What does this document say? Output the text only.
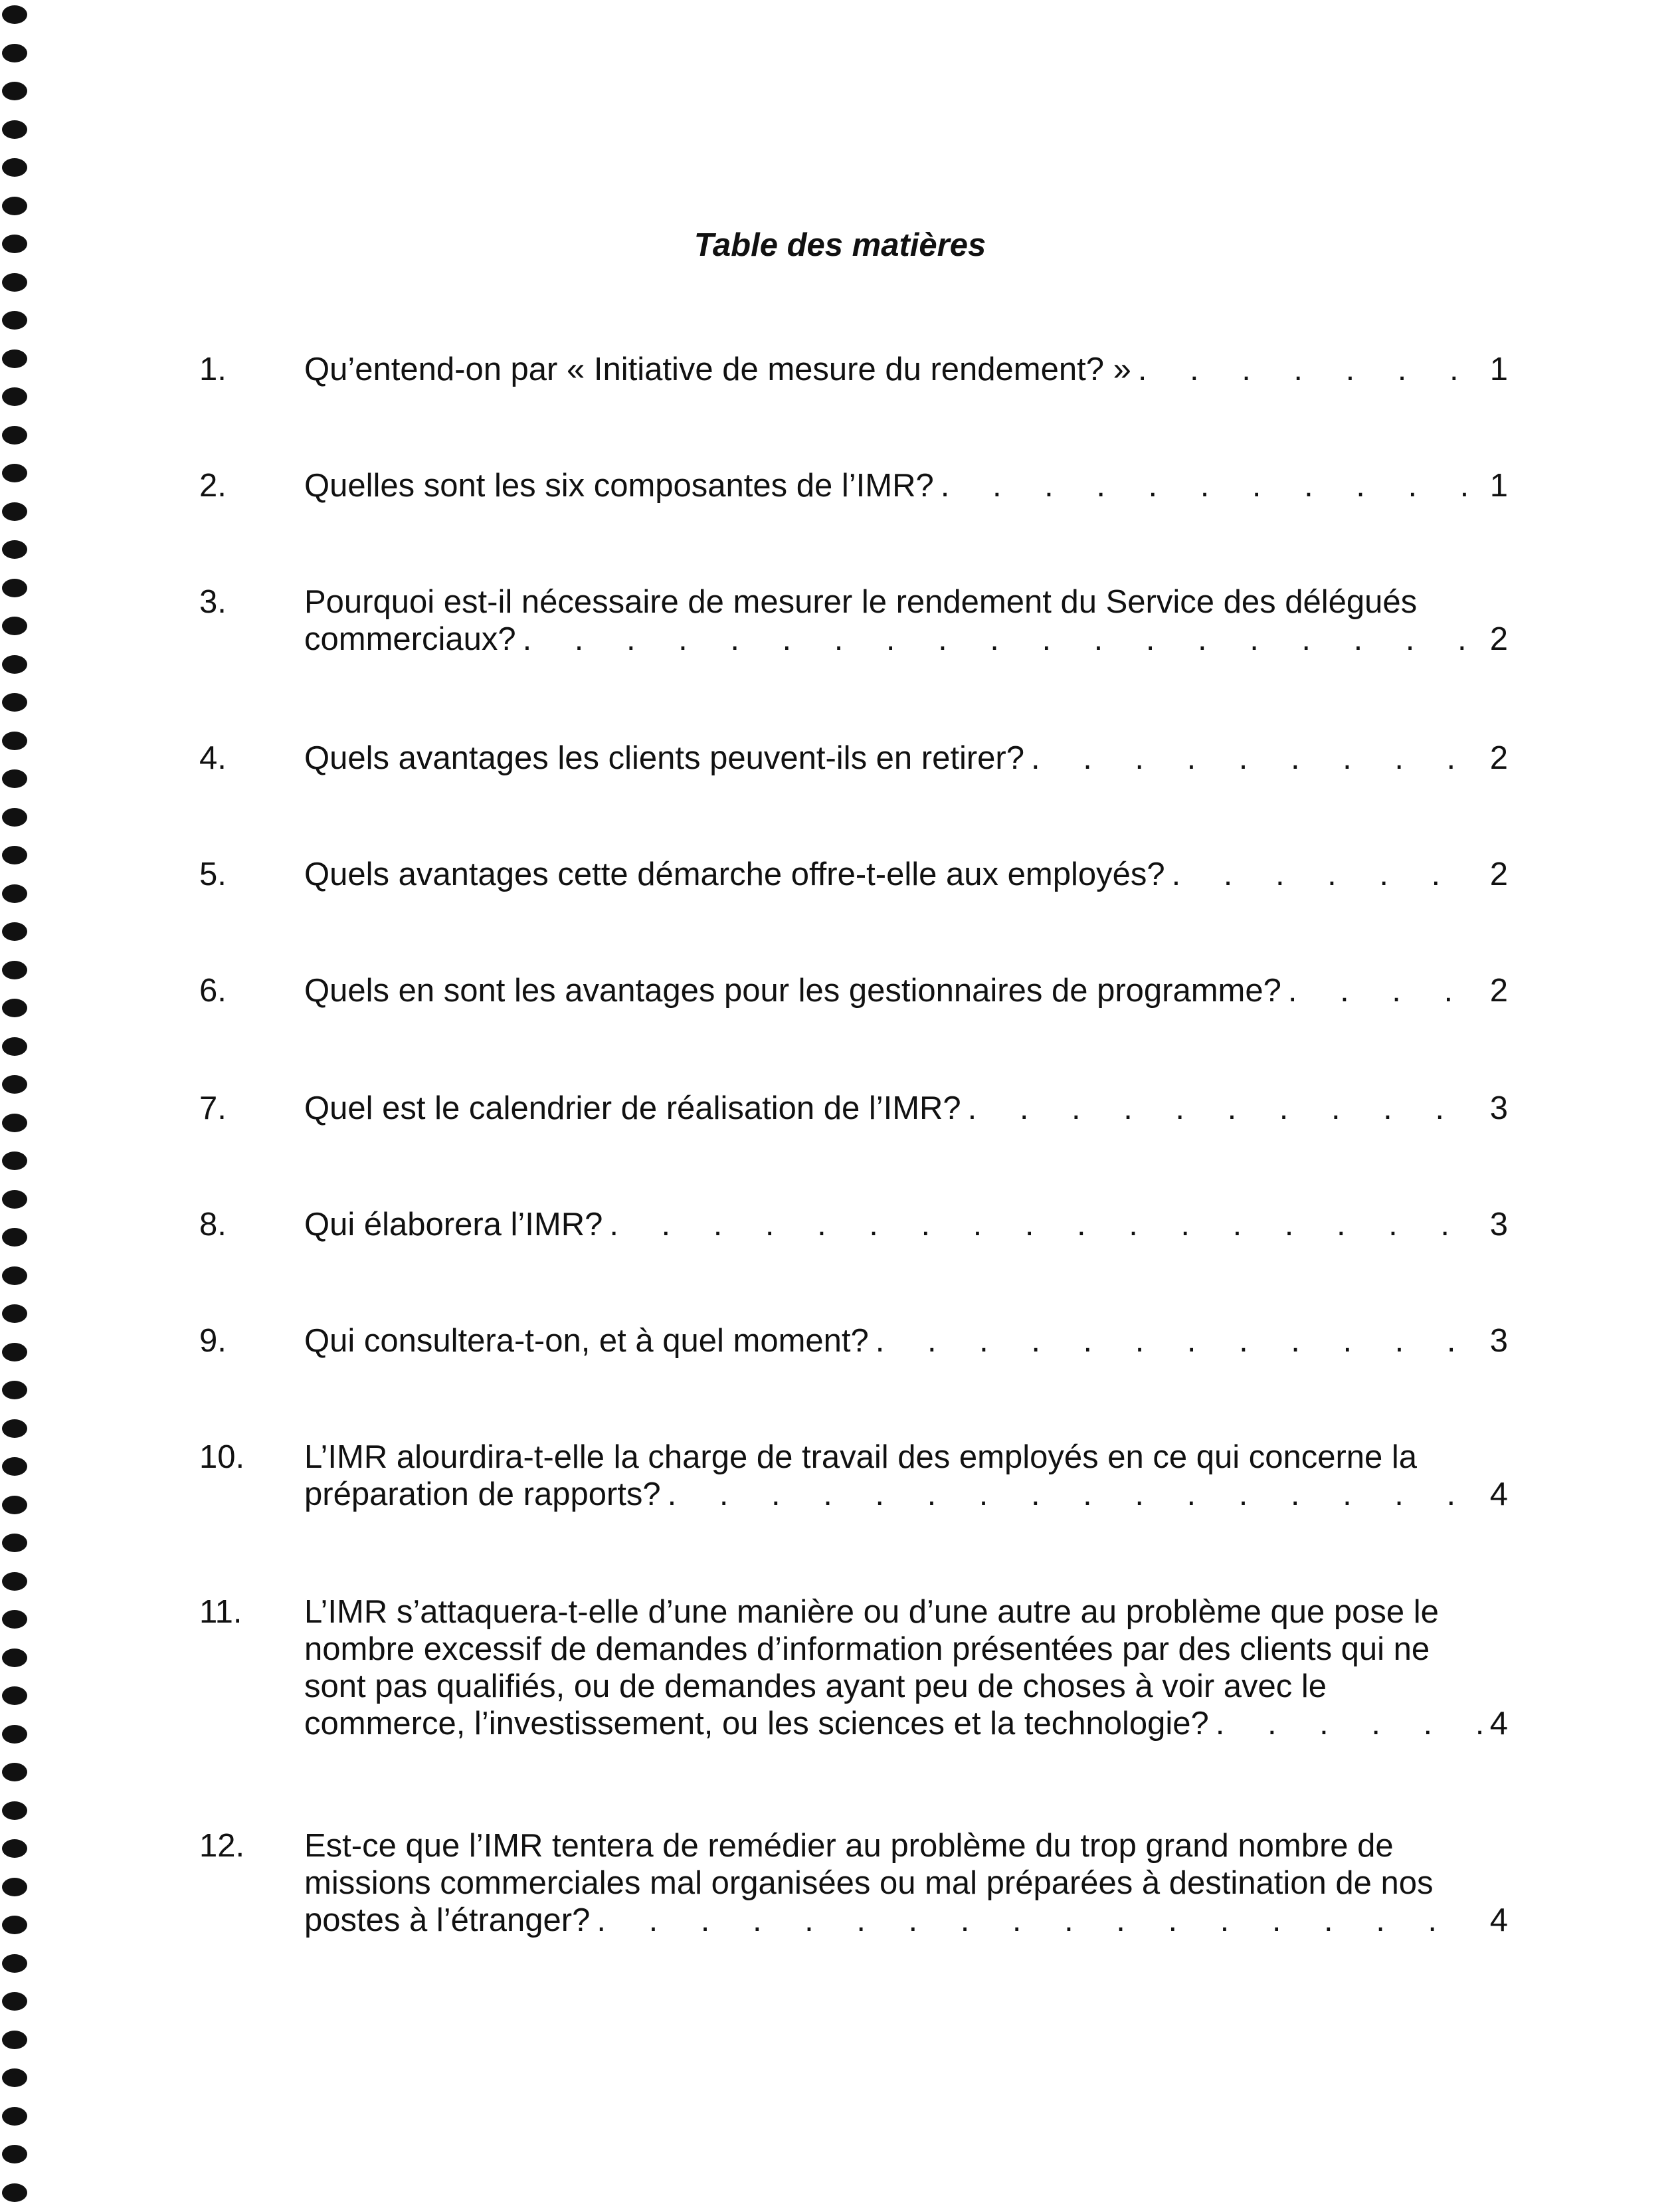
Table des matières
1.	Qu’entend-on par « Initiative de mesure du rendement? » . . .	1
2.	Quelles sont les six composantes de l’IMR? . . .	1
3.	Pourquoi est-il nécessaire de mesurer le rendement du Service des délégués
commerciaux? . . .	2
4.	Quels avantages les clients peuvent-ils en retirer? . . .	2
5.	Quels avantages cette démarche offre-t-elle aux employés? . . .	2
6.	Quels en sont les avantages pour les gestionnaires de programme? . . .	2
7.	Quel est le calendrier de réalisation de l’IMR? . . .	3
8.	Qui élaborera l’IMR? . . .	3
9.	Qui consultera-t-on, et à quel moment? . . .	3
10.	L’IMR alourdira-t-elle la charge de travail des employés en ce qui concerne la
préparation de rapports? . . .	4
11.	L’IMR s’attaquera-t-elle d’une manière ou d’une autre au problème que pose le
nombre excessif de demandes d’information présentées par des clients qui ne
sont pas qualifiés, ou de demandes ayant peu de choses à voir avec le
commerce, l’investissement, ou les sciences et la technologie? . . .	4
12.	Est-ce que l’IMR tentera de remédier au problème du trop grand nombre de
missions commerciales mal organisées ou mal préparées à destination de nos
postes à l’étranger? . . .	4
